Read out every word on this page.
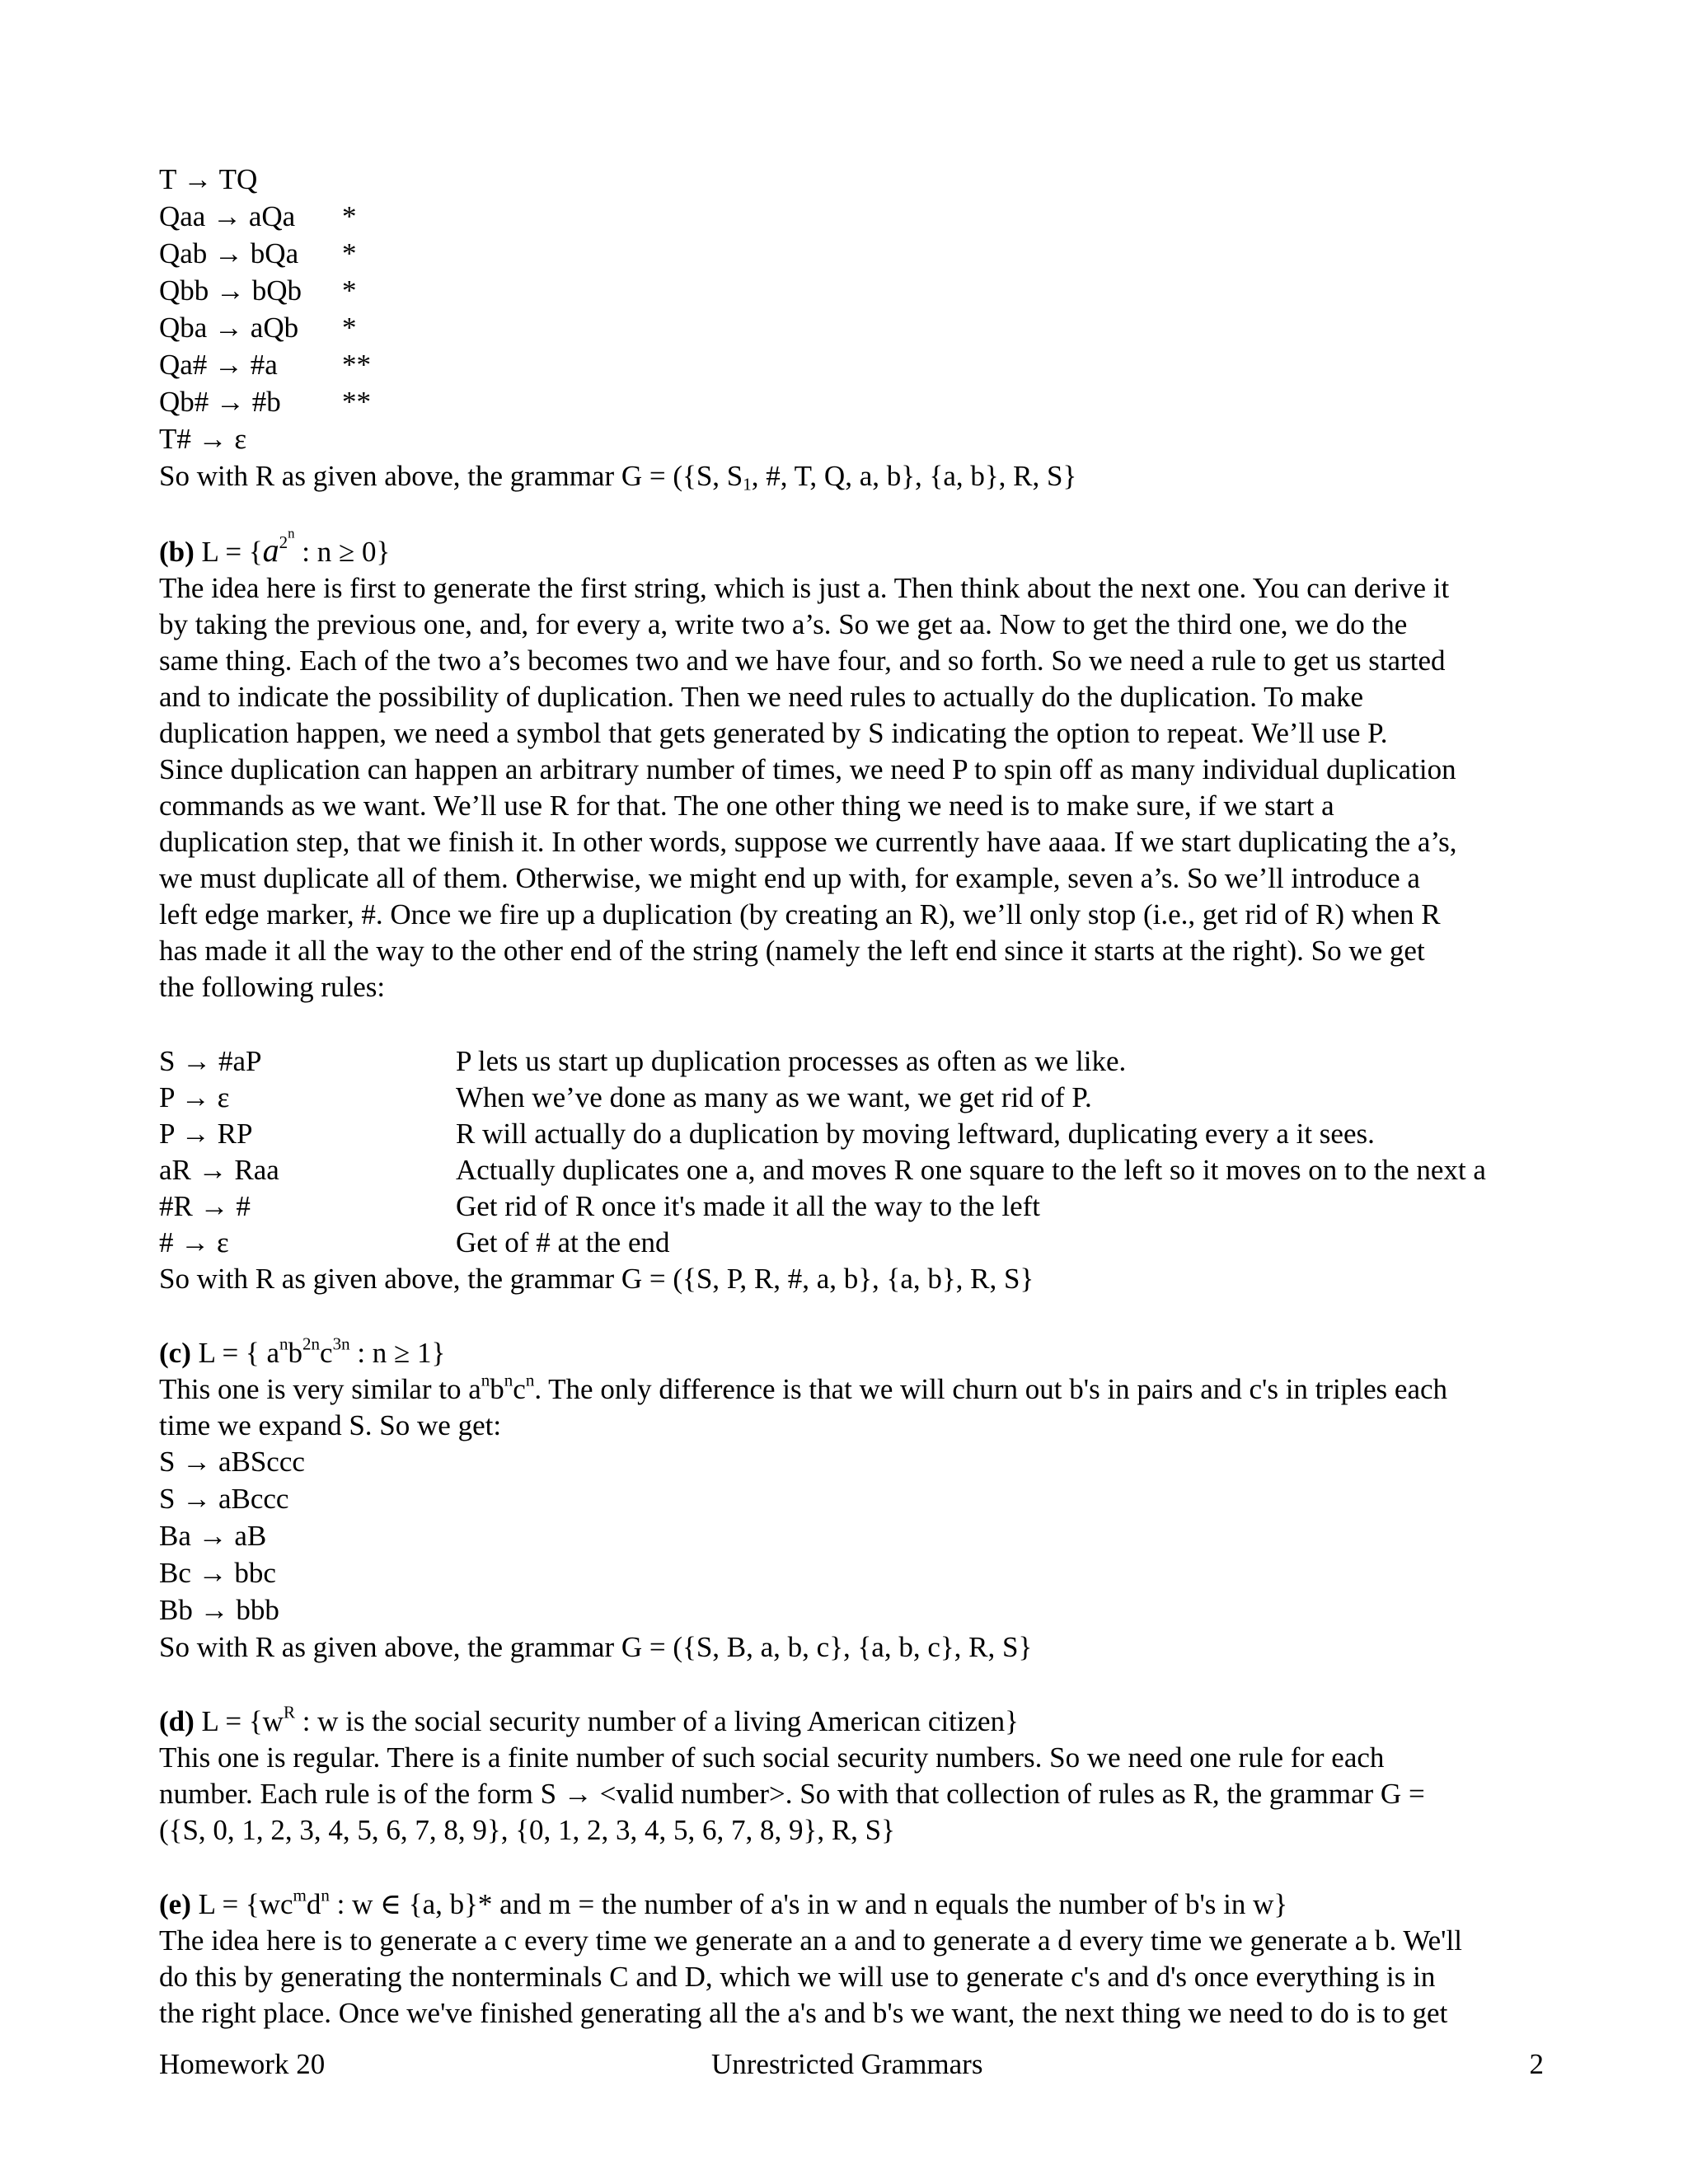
T → TQ
Qaa → aQa	*
Qab → bQa	*
Qbb → bQb	*
Qba → aQb	*
Qa# → #a	**
Qb# → #b	**
T# → ε
So with R as given above, the grammar G = ({S, $S_1$, #, T, Q, a, b}, {a, b}, R, S}
(b) $L = \{a^{2^n}$ : n ≥ 0}
The idea here is first to generate the first string, which is just a. Then think about the next one. You can derive it
by taking the previous one, and, for every a, write two a’s. So we get aa. Now to get the third one, we do the
same thing. Each of the two a’s becomes two and we have four, and so forth. So we need a rule to get us started
and to indicate the possibility of duplication. Then we need rules to actually do the duplication. To make
duplication happen, we need a symbol that gets generated by S indicating the option to repeat. We’ll use P.
Since duplication can happen an arbitrary number of times, we need P to spin off as many individual duplication
commands as we want. We’ll use R for that. The one other thing we need is to make sure, if we start a
duplication step, that we finish it. In other words, suppose we currently have aaaa. If we start duplicating the a’s,
we must duplicate all of them. Otherwise, we might end up with, for example, seven a’s. So we’ll introduce a
left edge marker, #. Once we fire up a duplication (by creating an R), we’ll only stop (i.e., get rid of R) when R
has made it all the way to the other end of the string (namely the left end since it starts at the right). So we get
the following rules:
S → #aP	P lets us start up duplication processes as often as we like.
P → ε	When we’ve done as many as we want, we get rid of P.
P → RP	R will actually do a duplication by moving leftward, duplicating every a it sees.
aR → Raa	Actually duplicates one a, and moves R one square to the left so it moves on to the next a
#R → #	Get rid of R once it's made it all the way to the left
# → ε	Get of # at the end
So with R as given above, the grammar G = ({S, P, R, #, a, b}, {a, b}, R, S}
(c) L = { $a^nb^{2n}c^{3n}$ : n ≥ 1}
This one is very similar to $a^nb^nc^n$. The only difference is that we will churn out b's in pairs and c's in triples each
time we expand S. So we get:
S → aBSccc
S → aBccc
Ba → aB
Bc → bbc
Bb → bbb
So with R as given above, the grammar G = ({S, B, a, b, c}, {a, b, c}, R, S}
(d) $L = \{w^R$ : w is the social security number of a living American citizen}
This one is regular. There is a finite number of such social security numbers. So we need one rule for each
number. Each rule is of the form S → <valid number>. So with that collection of rules as R, the grammar G =
({S, 0, 1, 2, 3, 4, 5, 6, 7, 8, 9}, {0, 1, 2, 3, 4, 5, 6, 7, 8, 9}, R, S}
(e) $L = \{wc^md^n$ : w ∈ {a, b}* and m = the number of a's in w and n equals the number of b's in w}
The idea here is to generate a c every time we generate an a and to generate a d every time we generate a b. We'll
do this by generating the nonterminals C and D, which we will use to generate c's and d's once everything is in
the right place. Once we've finished generating all the a's and b's we want, the next thing we need to do is to get
Homework 20	Unrestricted Grammars	2
